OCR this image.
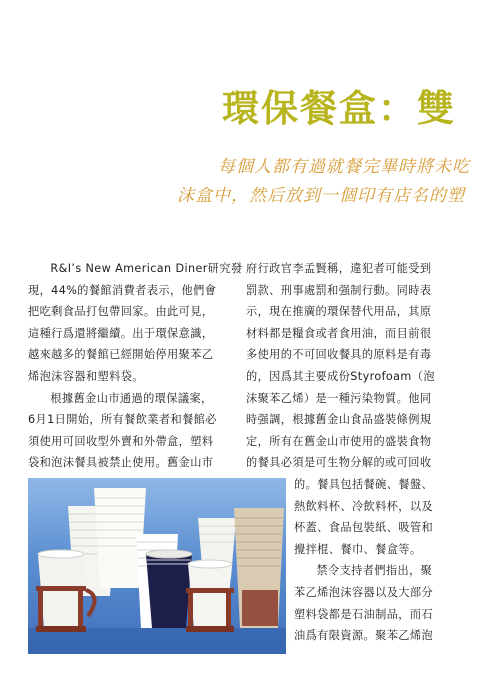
環保餐盒：雙
每個人都有過就餐完畢時將未吃
沫盒中，然后放到一個印有店名的塑
R&I’s New American Diner研究發
現，44%的餐館消費者表示，他們會
把吃剩食品打包帶回家。由此可見，
這種行爲還將繼續。出于環保意識，
越來越多的餐館已經開始停用聚苯乙
烯泡沫容器和塑料袋。
根據舊金山市通過的環保議案，
6月1日開始，所有餐飲業者和餐館必
須使用可回收型外賣和外帶盒，塑料
袋和泡沫餐具被禁止使用。舊金山市
府行政官李孟賢稱，違犯者可能受到
罰款、刑事處罰和强制行動。同時表
示，現在推廣的環保替代用品，其原
材料都是糧食或者食用油，而目前很
多使用的不可回收餐具的原料是有毒
的，因爲其主要成份Styrofoam（泡
沫聚苯乙烯）是一種污染物質。他同
時强調，根據舊金山食品盛裝條例規
定，所有在舊金山市使用的盛裝食物
的餐具必須是可生物分解的或可回收
的。餐具包括餐碗、餐盤、
熱飲料杯、冷飲料杯，以及
杯蓋、食品包裝紙、吸管和
攪拌棍、餐巾、餐盒等。
禁令支持者們指出，聚
苯乙烯泡沫容器以及大部分
塑料袋都是石油制品，而石
油爲有限資源。聚苯乙烯泡
